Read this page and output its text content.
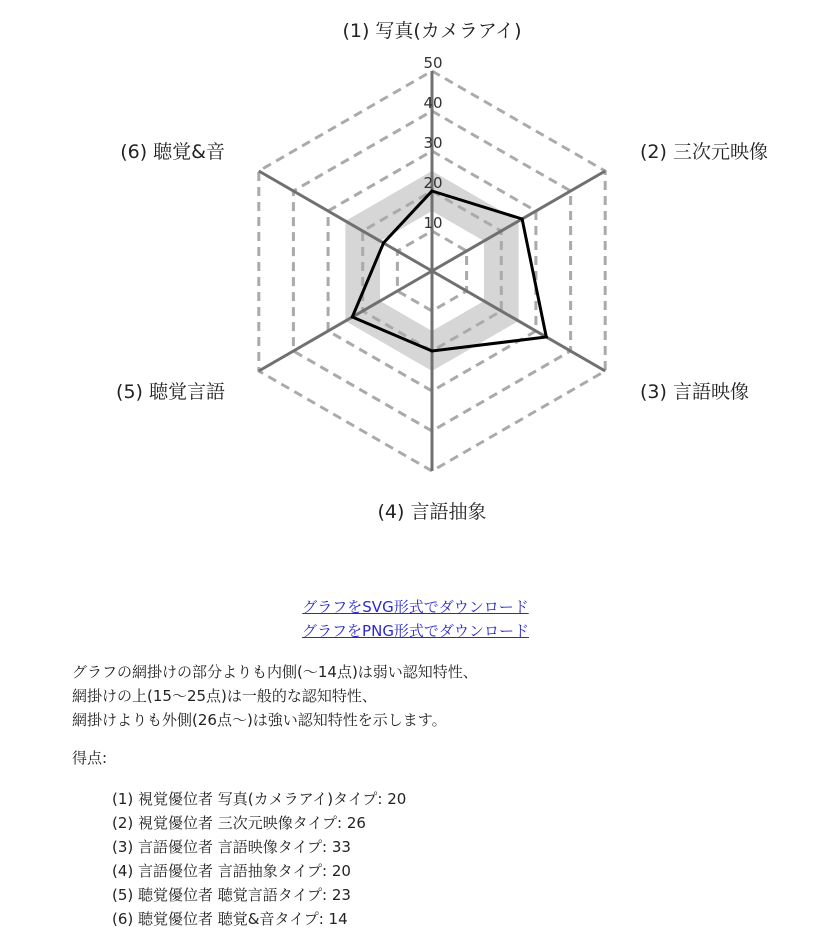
10
20
30
40
50
(1) 写真(カメラアイ)
(2) 三次元映像
(3) 言語映像
(4) 言語抽象
(5) 聴覚言語
(6) 聴覚&音
グラフをSVG形式でダウンロード
グラフをPNG形式でダウンロード
グラフの網掛けの部分よりも内側(〜14点)は弱い認知特性、
網掛けの上(15〜25点)は一般的な認知特性、
網掛けよりも外側(26点〜)は強い認知特性を示します。
得点:
(1) 視覚優位者 写真(カメラアイ)タイプ: 20
(2) 視覚優位者 三次元映像タイプ: 26
(3) 言語優位者 言語映像タイプ: 33
(4) 言語優位者 言語抽象タイプ: 20
(5) 聴覚優位者 聴覚言語タイプ: 23
(6) 聴覚優位者 聴覚&音タイプ: 14
